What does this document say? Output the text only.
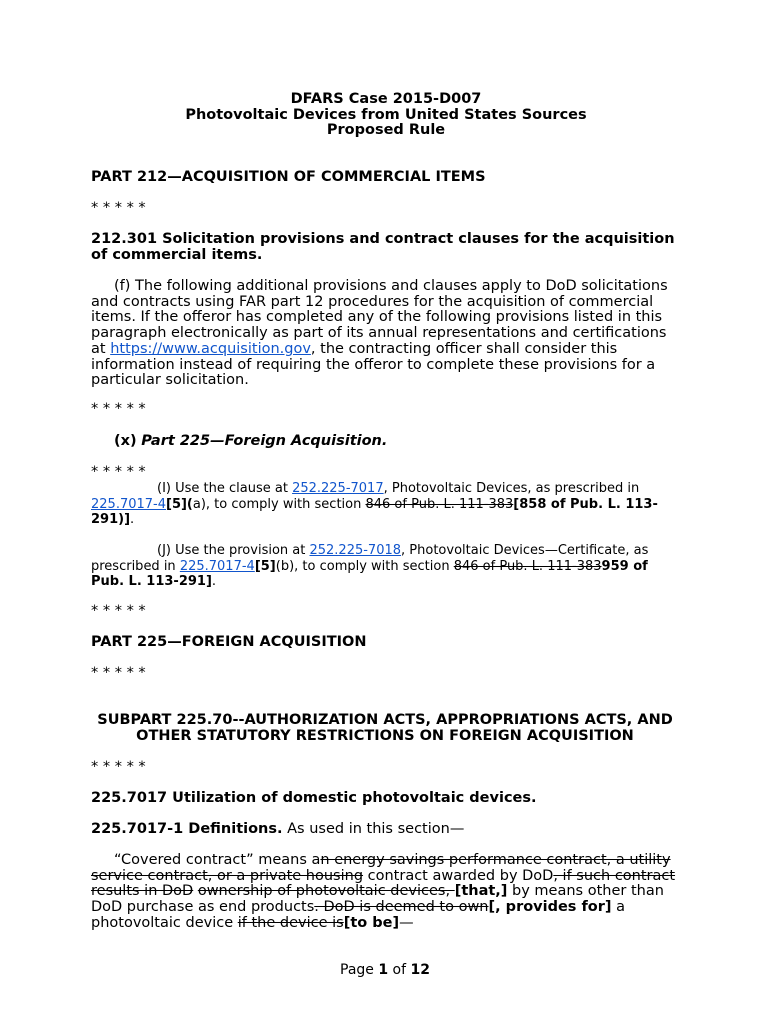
DFARS Case 2015-D007
Photovoltaic Devices from United States Sources
Proposed Rule
PART 212—ACQUISITION OF COMMERCIAL ITEMS
* * * * *
212.301 Solicitation provisions and contract clauses for the acquisition of commercial items.
(f) The following additional provisions and clauses apply to DoD solicitations and contracts using FAR part 12 procedures for the acquisition of commercial items. If the offeror has completed any of the following provisions listed in this paragraph electronically as part of its annual representations and certifications at https://www.acquisition.gov, the contracting officer shall consider this information instead of requiring the offeror to complete these provisions for a particular solicitation.
* * * * *
(x) Part 225—Foreign Acquisition.
* * * * *
(I) Use the clause at 252.225-7017, Photovoltaic Devices, as prescribed in 225.7017-4[5](a), to comply with section 846 of Pub. L. 111-383[858 of Pub. L. 113-291)].
(J) Use the provision at 252.225-7018, Photovoltaic Devices—Certificate, as prescribed in 225.7017-4[5](b), to comply with section 846 of Pub. L. 111-383959 of Pub. L. 113-291].
* * * * *
PART 225—FOREIGN ACQUISITION
* * * * *
SUBPART 225.70--AUTHORIZATION ACTS, APPROPRIATIONS ACTS, AND OTHER STATUTORY RESTRICTIONS ON FOREIGN ACQUISITION
* * * * *
225.7017 Utilization of domestic photovoltaic devices.
225.7017-1 Definitions. As used in this section—
“Covered contract” means an energy savings performance contract, a utility service contract, or a private housing contract awarded by DoD, if such contract results in DoD ownership of photovoltaic devices, [that,] by means other than DoD purchase as end products. DoD is deemed to own[, provides for] a photovoltaic device if the device is[to be]—
Page 1 of 12
